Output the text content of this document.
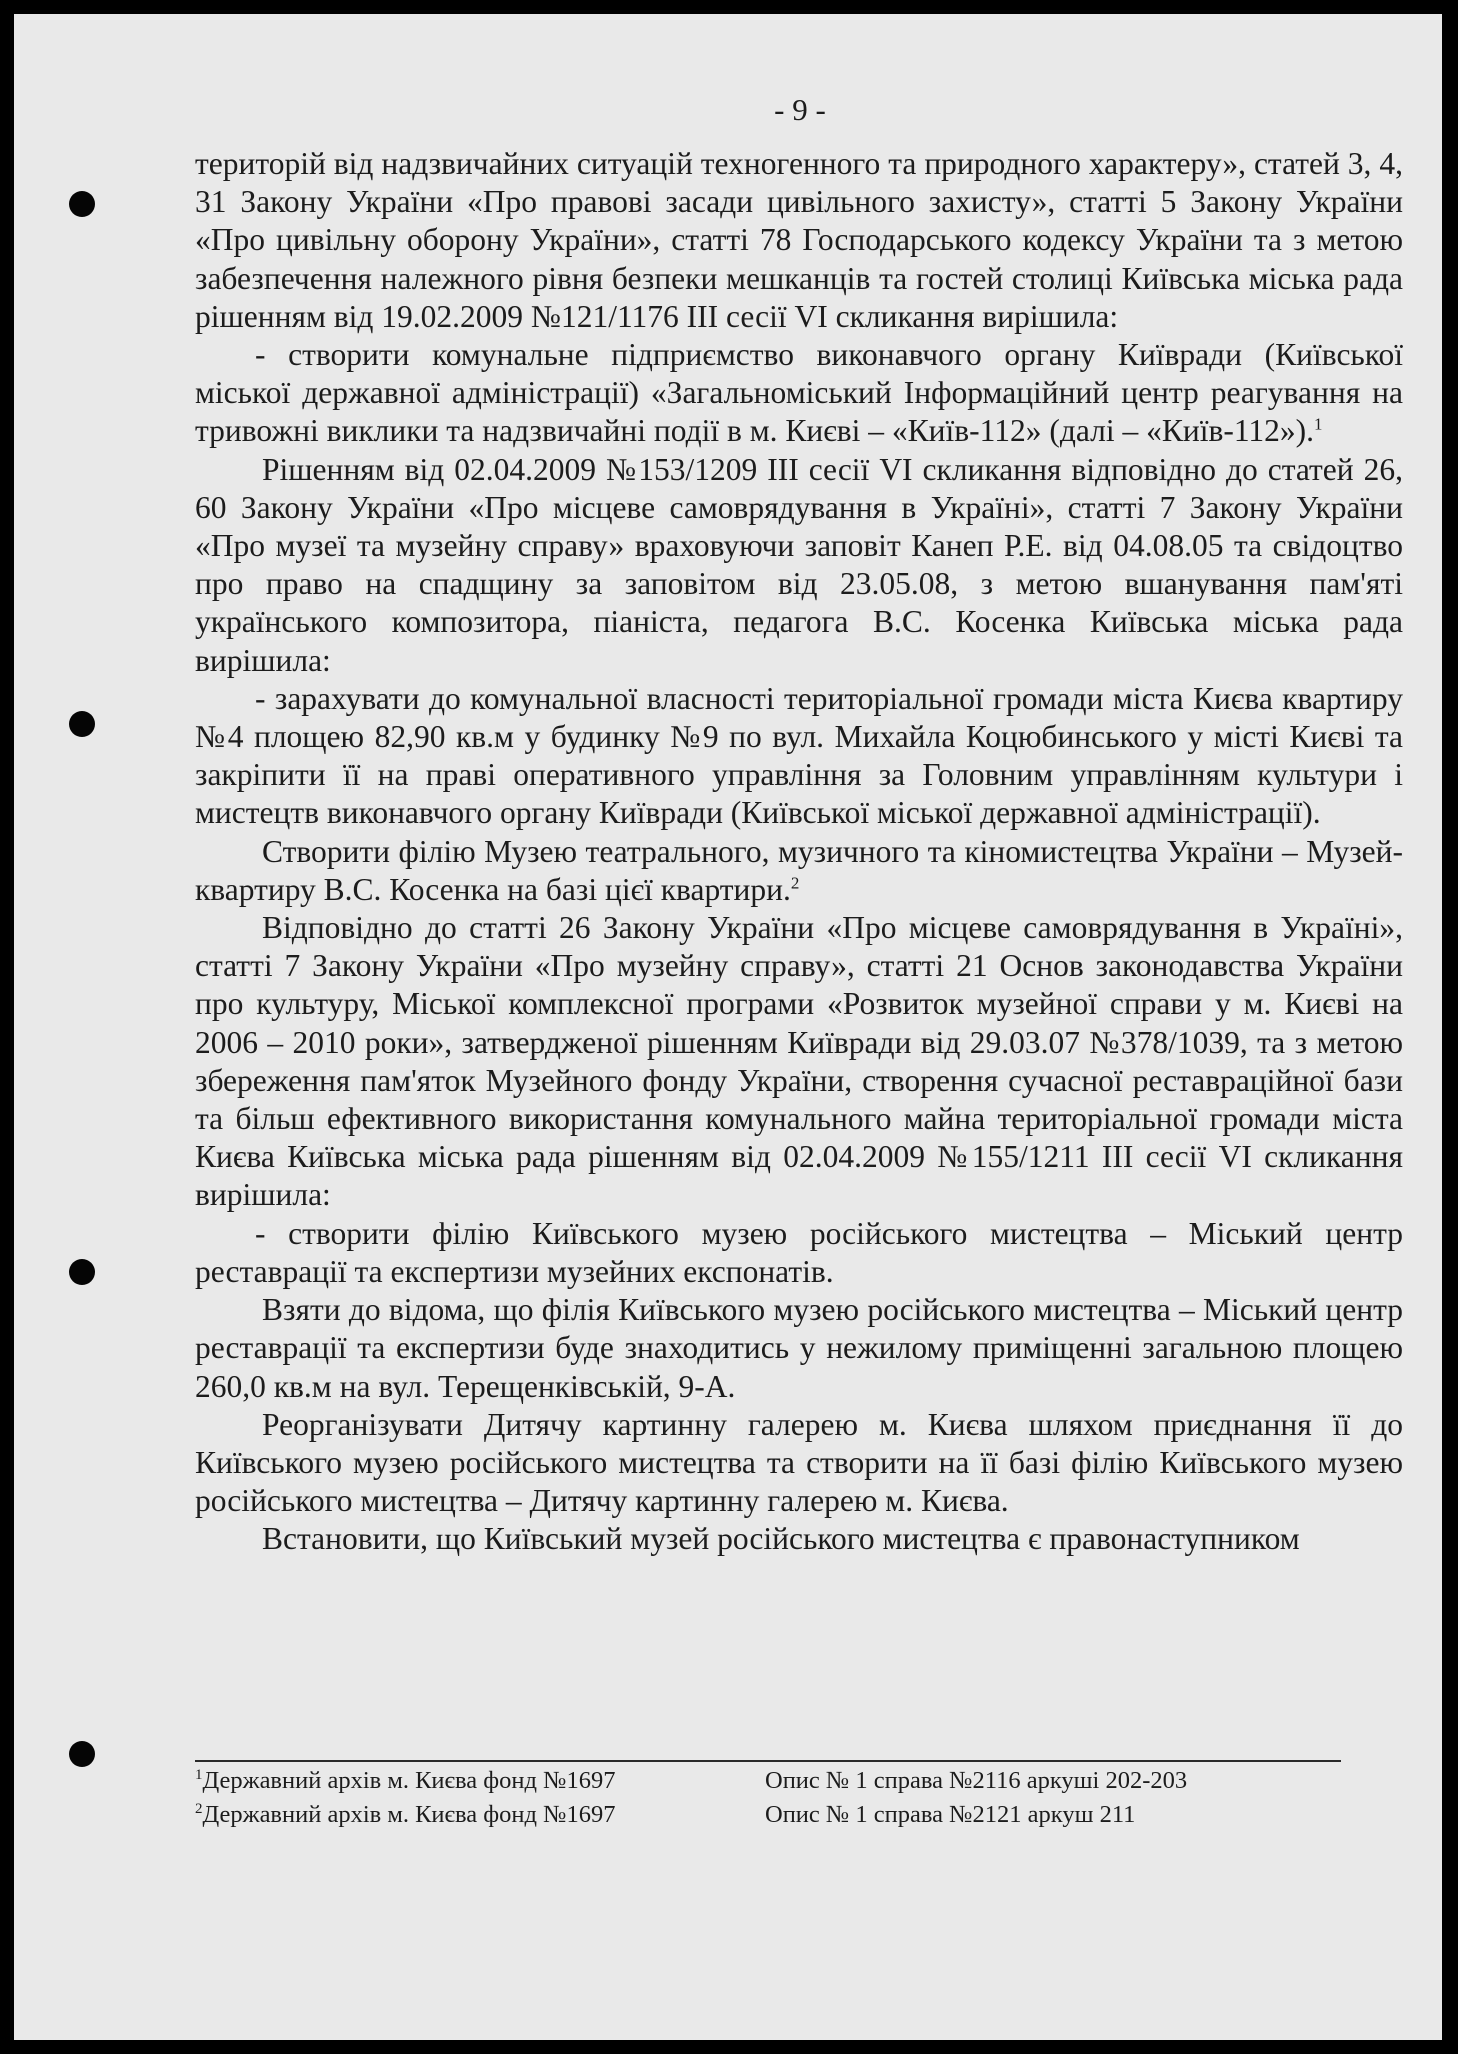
- 9 -

територій від надзвичайних ситуацій техногенного та природного характеру», статей 3, 4, 31 Закону України «Про правові засади цивільного захисту», статті 5 Закону України «Про цивільну оборону України», статті 78 Господарського кодексу України та з метою забезпечення належного рівня безпеки мешканців та гостей столиці Київська міська рада рішенням від 19.02.2009 №121/1176 III сесії VI скликання вирішила:

- створити комунальне підприємство виконавчого органу Київради (Київської міської державної адміністрації) «Загальноміський Інформаційний центр реагування на тривожні виклики та надзвичайні події в м. Києві – «Київ-112» (далі – «Київ-112»).$^1$

Рішенням від 02.04.2009 №153/1209 III сесії VI скликання відповідно до статей 26, 60 Закону України «Про місцеве самоврядування в Україні», статті 7 Закону України «Про музеї та музейну справу» враховуючи заповіт Канеп Р.Е. від 04.08.05 та свідоцтво про право на спадщину за заповітом від 23.05.08, з метою вшанування пам'яті українського композитора, піаніста, педагога В.С. Косенка Київська міська рада вирішила:

- зарахувати до комунальної власності територіальної громади міста Києва квартиру №4 площею 82,90 кв.м у будинку №9 по вул. Михайла Коцюбинського у місті Києві та закріпити її на праві оперативного управління за Головним управлінням культури і мистецтв виконавчого органу Київради (Київської міської державної адміністрації).

Створити філію Музею театрального, музичного та кіномистецтва України – Музей-квартиру В.С. Косенка на базі цієї квартири.$^2$

Відповідно до статті 26 Закону України «Про місцеве самоврядування в Україні», статті 7 Закону України «Про музейну справу», статті 21 Основ законодавства України про культуру, Міської комплексної програми «Розвиток музейної справи у м. Києві на 2006 – 2010 роки», затвердженої рішенням Київради від 29.03.07 №378/1039, та з метою збереження пам'яток Музейного фонду України, створення сучасної реставраційної бази та більш ефективного використання комунального майна територіальної громади міста Києва Київська міська рада рішенням від 02.04.2009 №155/1211 III сесії VI скликання вирішила:

- створити філію Київського музею російського мистецтва – Міський центр реставрації та експертизи музейних експонатів.

Взяти до відома, що філія Київського музею російського мистецтва – Міський центр реставрації та експертизи буде знаходитись у нежилому приміщенні загальною площею 260,0 кв.м на вул. Терещенківській, 9-А.

Реорганізувати Дитячу картинну галерею м. Києва шляхом приєднання її до Київського музею російського мистецтва та створити на її базі філію Київського музею російського мистецтва – Дитячу картинну галерею м. Києва.

Встановити, що Київський музей російського мистецтва є правонаступником

$^1$Державний архів м. Києва фонд №1697	Опис № 1 справа №2116 аркуші 202-203
$^2$Державний архів м. Києва фонд №1697	Опис № 1 справа №2121 аркуш 211
